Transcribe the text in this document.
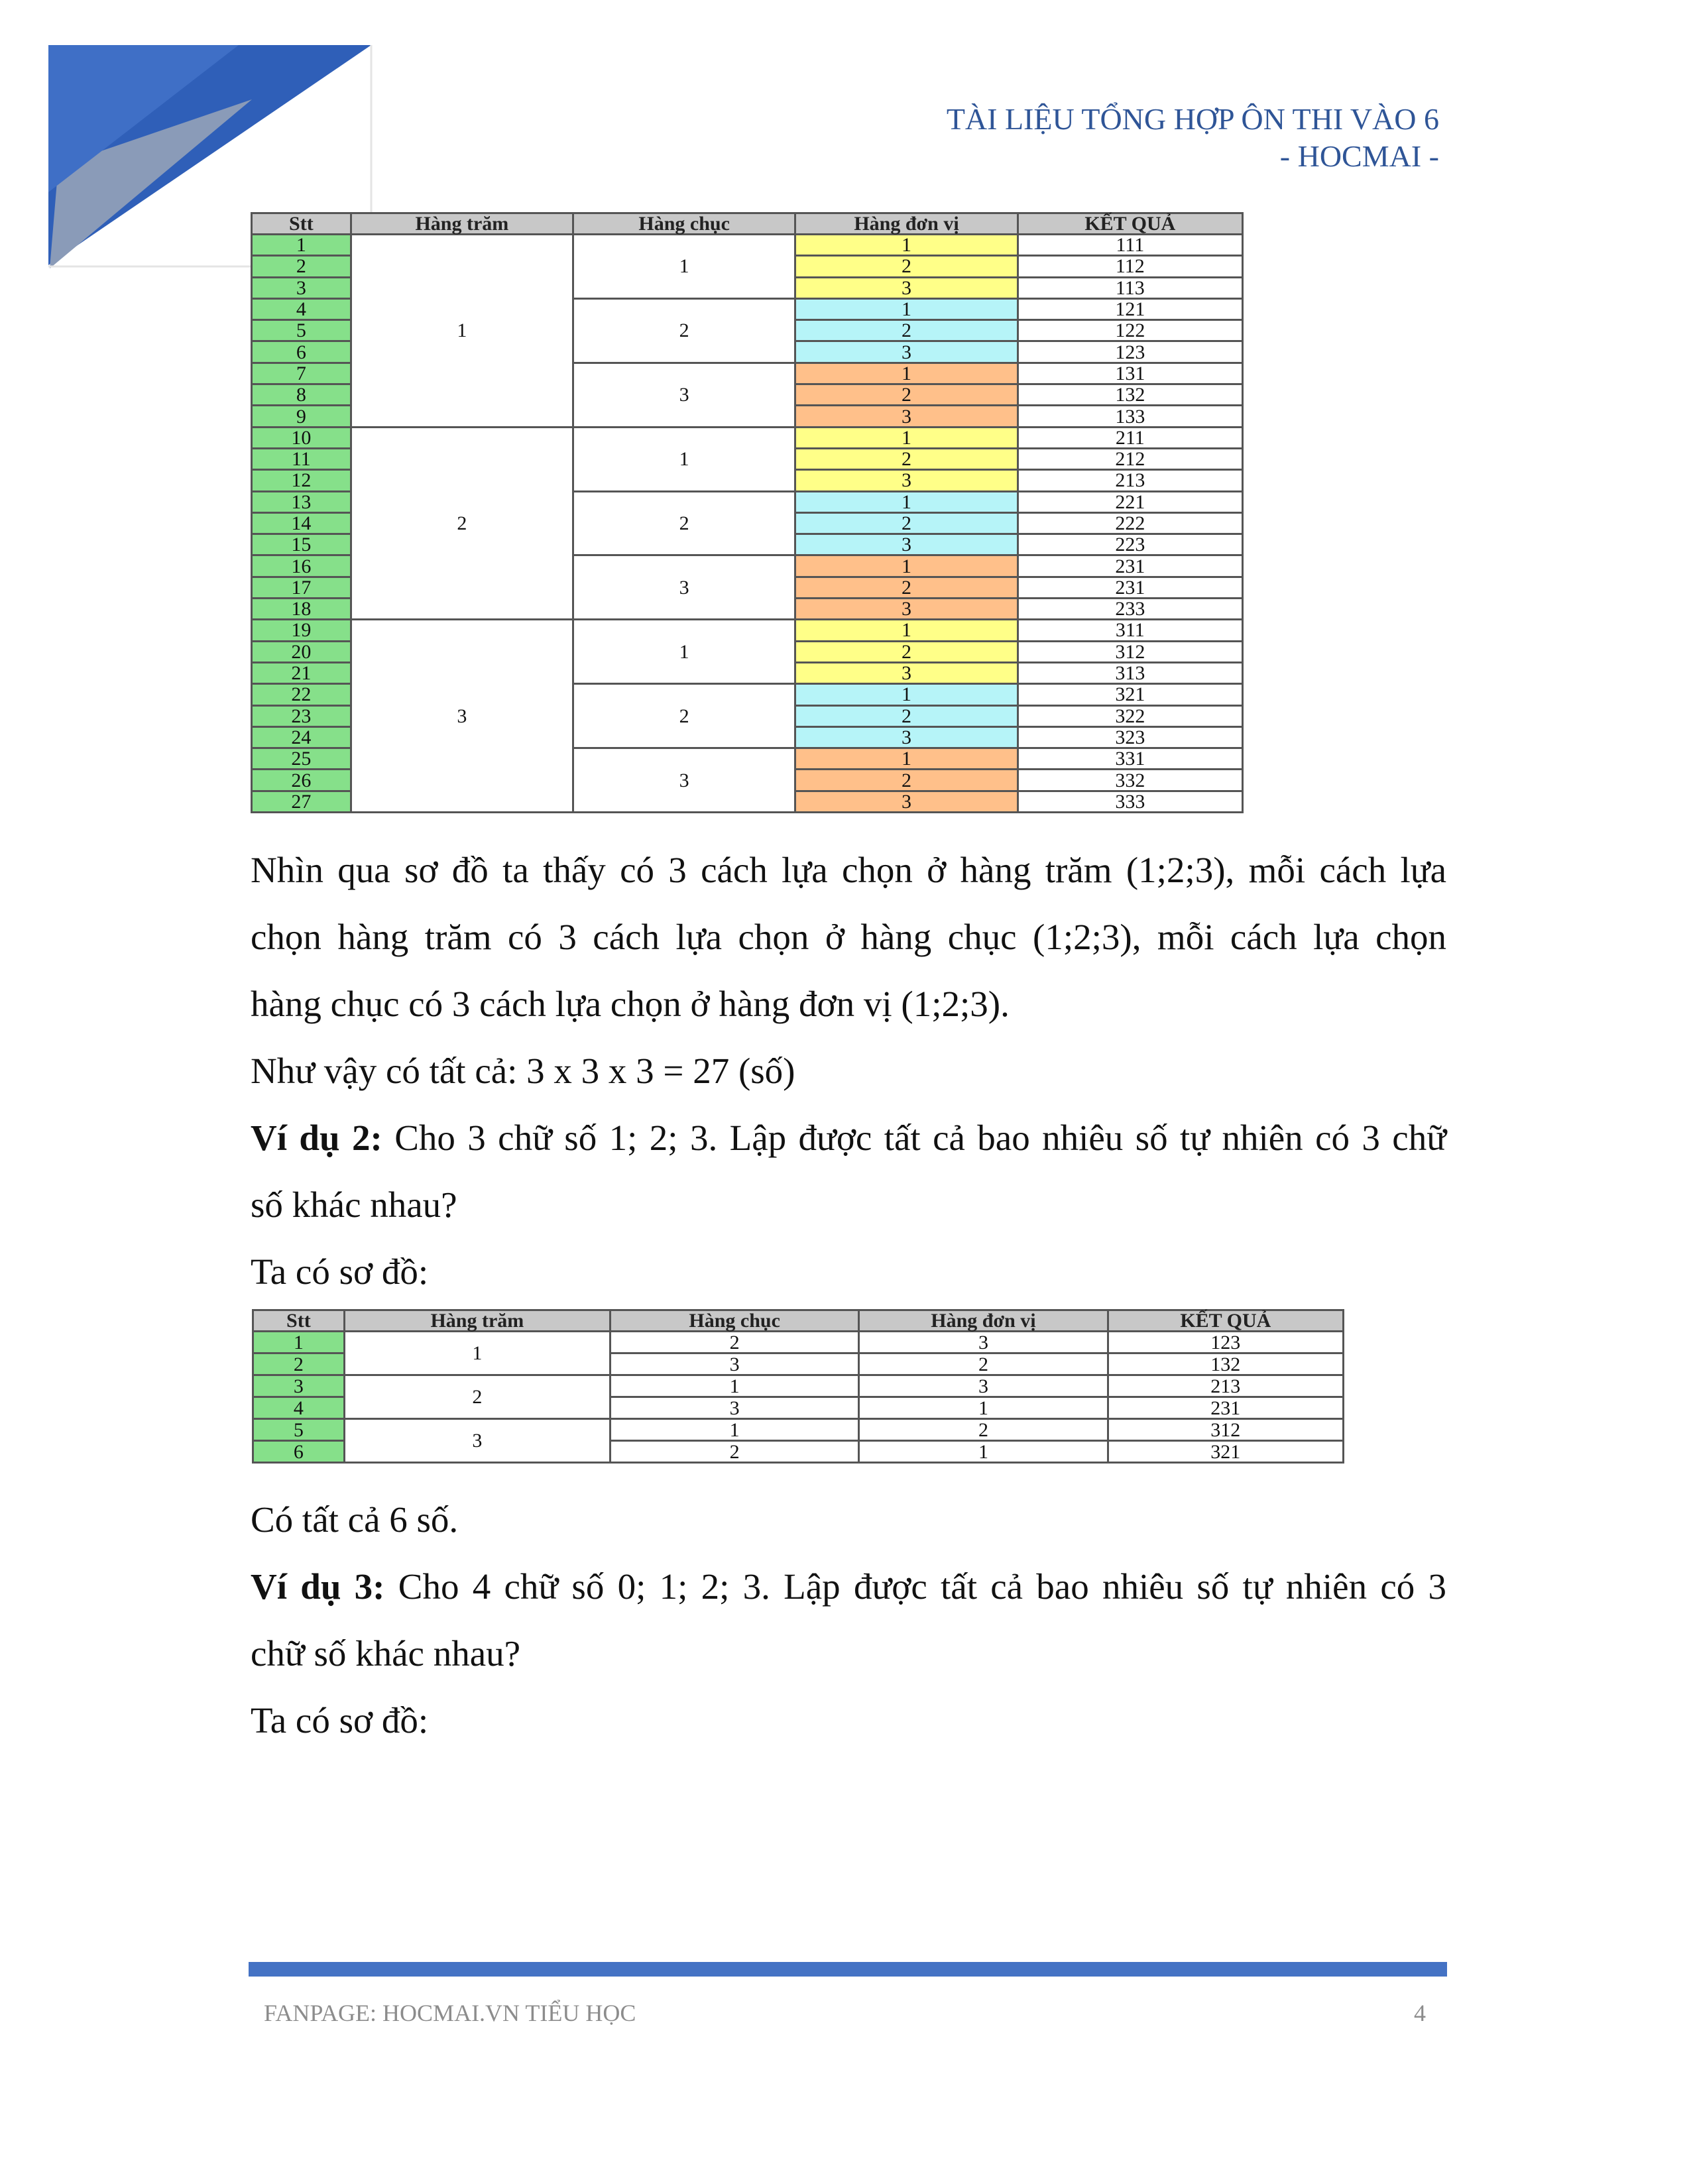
TÀI LIỆU TỔNG HỢP ÔN THI VÀO 6
- HOCMAI -
Stt	Hàng trăm	Hàng chục	Hàng đơn vị	KẾT QUẢ
1	1	1	1	111
2			2	112
3			3	113
4		2	1	121
5			2	122
6			3	123
7		3	1	131
8			2	132
9			3	133
10	2	1	1	211
11			2	212
12			3	213
13		2	1	221
14			2	222
15			3	223
16		3	1	231
17			2	231
18			3	233
19	3	1	1	311
20			2	312
21			3	313
22		2	1	321
23			2	322
24			3	323
25		3	1	331
26			2	332
27			3	333
Nhìn qua sơ đồ ta thấy có 3 cách lựa chọn ở hàng trăm (1;2;3), mỗi cách lựa
chọn hàng trăm có 3 cách lựa chọn ở hàng chục (1;2;3), mỗi cách lựa chọn
hàng chục có 3 cách lựa chọn ở hàng đơn vị (1;2;3).
Như vậy có tất cả: 3 x 3 x 3 = 27 (số)
Ví dụ 2: Cho 3 chữ số 1; 2; 3. Lập được tất cả bao nhiêu số tự nhiên có 3 chữ
số khác nhau?
Ta có sơ đồ:
Stt	Hàng trăm	Hàng chục	Hàng đơn vị	KẾT QUẢ
1	1	2	3	123
2		3	2	132
3	2	1	3	213
4		3	1	231
5	3	1	2	312
6		2	1	321
Có tất cả 6 số.
Ví dụ 3: Cho 4 chữ số 0; 1; 2; 3. Lập được tất cả bao nhiêu số tự nhiên có 3
chữ số khác nhau?
Ta có sơ đồ:
FANPAGE: HOCMAI.VN TIỂU HỌC	4
